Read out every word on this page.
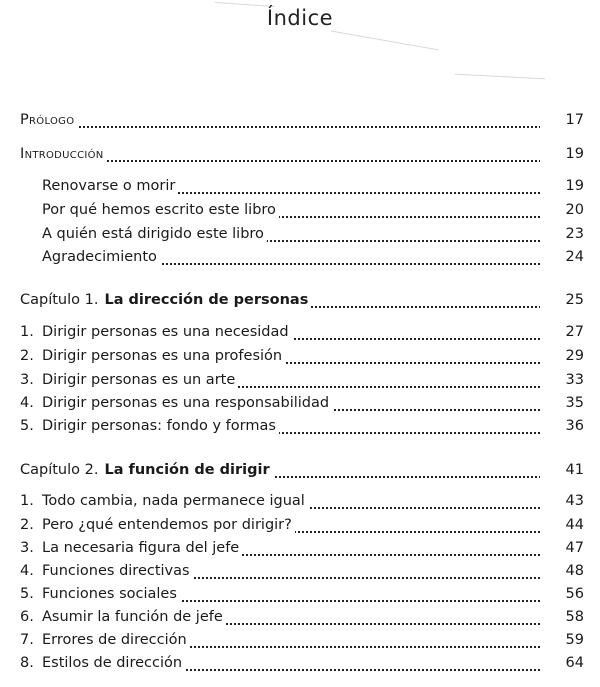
Índice
Prólogo	17
Introducción	19
Renovarse o morir	19
Por qué hemos escrito este libro	20
A quién está dirigido este libro	23
Agradecimiento	24
Capítulo 1. La dirección de personas	25
1. Dirigir personas es una necesidad	27
2. Dirigir personas es una profesión	29
3. Dirigir personas es un arte	33
4. Dirigir personas es una responsabilidad	35
5. Dirigir personas: fondo y formas	36
Capítulo 2. La función de dirigir	41
1. Todo cambia, nada permanece igual	43
2. Pero ¿qué entendemos por dirigir?	44
3. La necesaria figura del jefe	47
4. Funciones directivas	48
5. Funciones sociales	56
6. Asumir la función de jefe	58
7. Errores de dirección	59
8. Estilos de dirección	64
